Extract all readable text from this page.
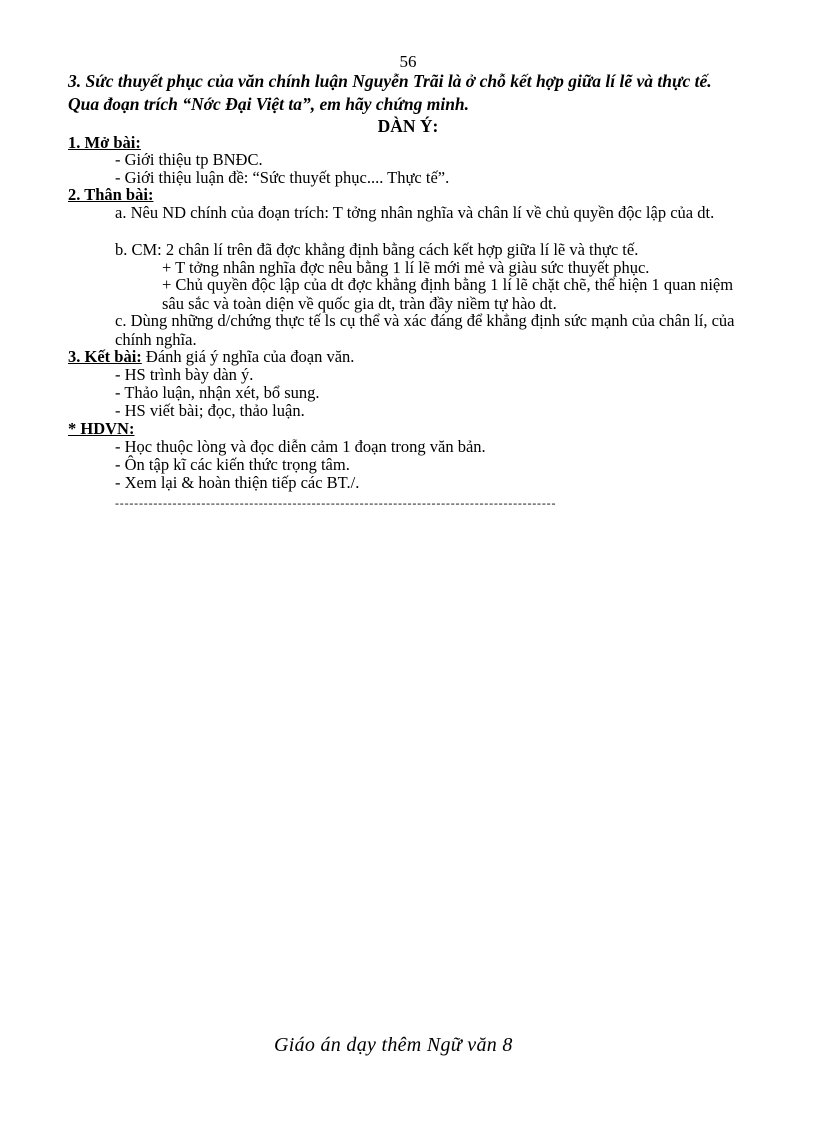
56
3. Sức thuyết phục của văn chính luận Nguyễn Trãi là ở chỗ kết hợp giữa lí lẽ và thực tế. Qua đoạn trích “Nớc Đại Việt ta”, em hãy chứng minh.
DÀN Ý:
1. Mở bài:
- Giới thiệu tp BNĐC.
- Giới thiệu luận đề: “Sức thuyết phục.... Thực tế”.
2. Thân bài:
a. Nêu ND chính của đoạn trích: T tởng nhân nghĩa và chân lí về chủ quyền độc lập của dt.
b. CM: 2 chân lí trên đã đợc khẳng định bằng cách kết hợp giữa lí lẽ và thực tế.
+ T tởng nhân nghĩa đợc nêu bằng 1 lí lẽ mới mẻ và giàu sức thuyết phục.
+ Chủ quyền độc lập của dt đợc khẳng định bằng 1 lí lẽ chặt chẽ, thể hiện 1 quan niệm sâu sắc và toàn diện về quốc gia dt, tràn đầy niềm tự hào dt.
c. Dùng những d/chứng thực tế ls cụ thể và xác đáng để khẳng định sức mạnh của chân lí, của chính nghĩa.
3. Kết bài: Đánh giá ý nghĩa của đoạn văn.
- HS trình bày dàn ý.
- Thảo luận, nhận xét, bổ sung.
- HS viết bài; đọc, thảo luận.
* HDVN:
- Học thuộc lòng và đọc diễn cảm 1 đoạn trong văn bản.
- Ôn tập kĩ các kiến thức trọng tâm.
- Xem lại & hoàn thiện tiếp các BT./.
--------------------------------------------------------------------------------------------
Giáo án dạy thêm Ngữ văn 8
